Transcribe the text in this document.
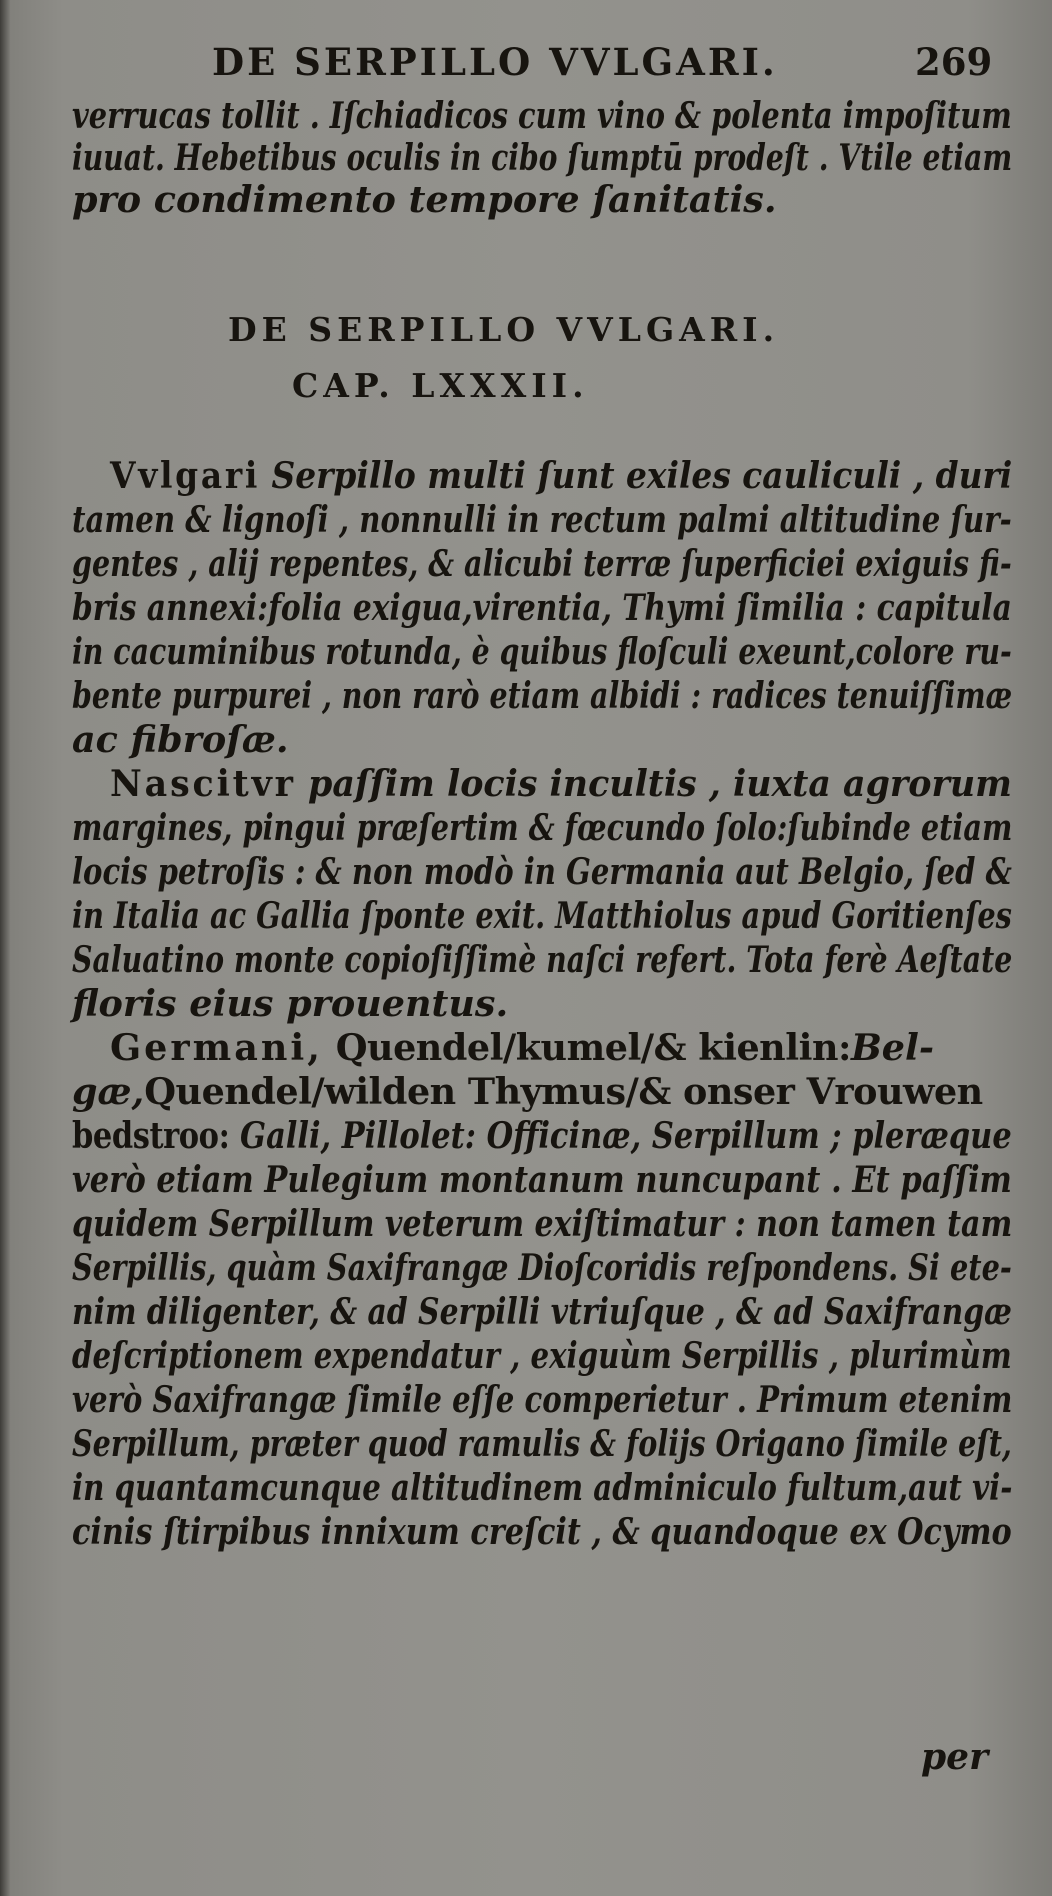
DE SERPILLO VVLGARI.	269
verrucas tollit . Iſchiadicos cum vino & polenta impoſitum
iuuat. Hebetibus oculis in cibo ſumptū prodeſt . Vtile etiam
pro condimento tempore ſanitatis.
DE SERPILLO VVLGARI.
CAP. LXXXII.
Vvlgari Serpillo multi ſunt exiles cauliculi , duri
tamen & lignoſi , nonnulli in rectum palmi altitudine ſur-
gentes , alij repentes, & alicubi terræ ſuperficiei exiguis fi-
bris annexi:folia exigua,virentia, Thymi ſimilia : capitula
in cacuminibus rotunda, è quibus floſculi exeunt,colore ru-
bente purpurei , non rarò etiam albidi : radices tenuiſſimæ
ac fibroſæ.
Nascitvr paſſim locis incultis , iuxta agrorum
margines, pingui præſertim & fœcundo ſolo:ſubinde etiam
locis petroſis : & non modò in Germania aut Belgio, ſed &
in Italia ac Gallia ſponte exit. Matthiolus apud Goritienſes
Saluatino monte copioſiſſimè naſci refert. Tota ferè Aeſtate
floris eius prouentus.
Germani, Quendel/kumel/& kienlin:Bel-
gæ,Quendel/wilden Thymus/& onser Vrouwen
bedstroo: Galli, Pillolet: Officinæ, Serpillum ; pleræque
verò etiam Pulegium montanum nuncupant . Et paſſim
quidem Serpillum veterum exiſtimatur : non tamen tam
Serpillis, quàm Saxifrangæ Dioſcoridis reſpondens. Si ete-
nim diligenter, & ad Serpilli vtriuſque , & ad Saxifrangæ
deſcriptionem expendatur , exiguùm Serpillis , plurimùm
verò Saxifrangæ ſimile eſſe comperietur . Primum etenim
Serpillum, præter quod ramulis & folijs Origano ſimile eſt,
in quantamcunque altitudinem adminiculo fultum,aut vi-
cinis ſtirpibus innixum creſcit , & quandoque ex Ocymo
per
